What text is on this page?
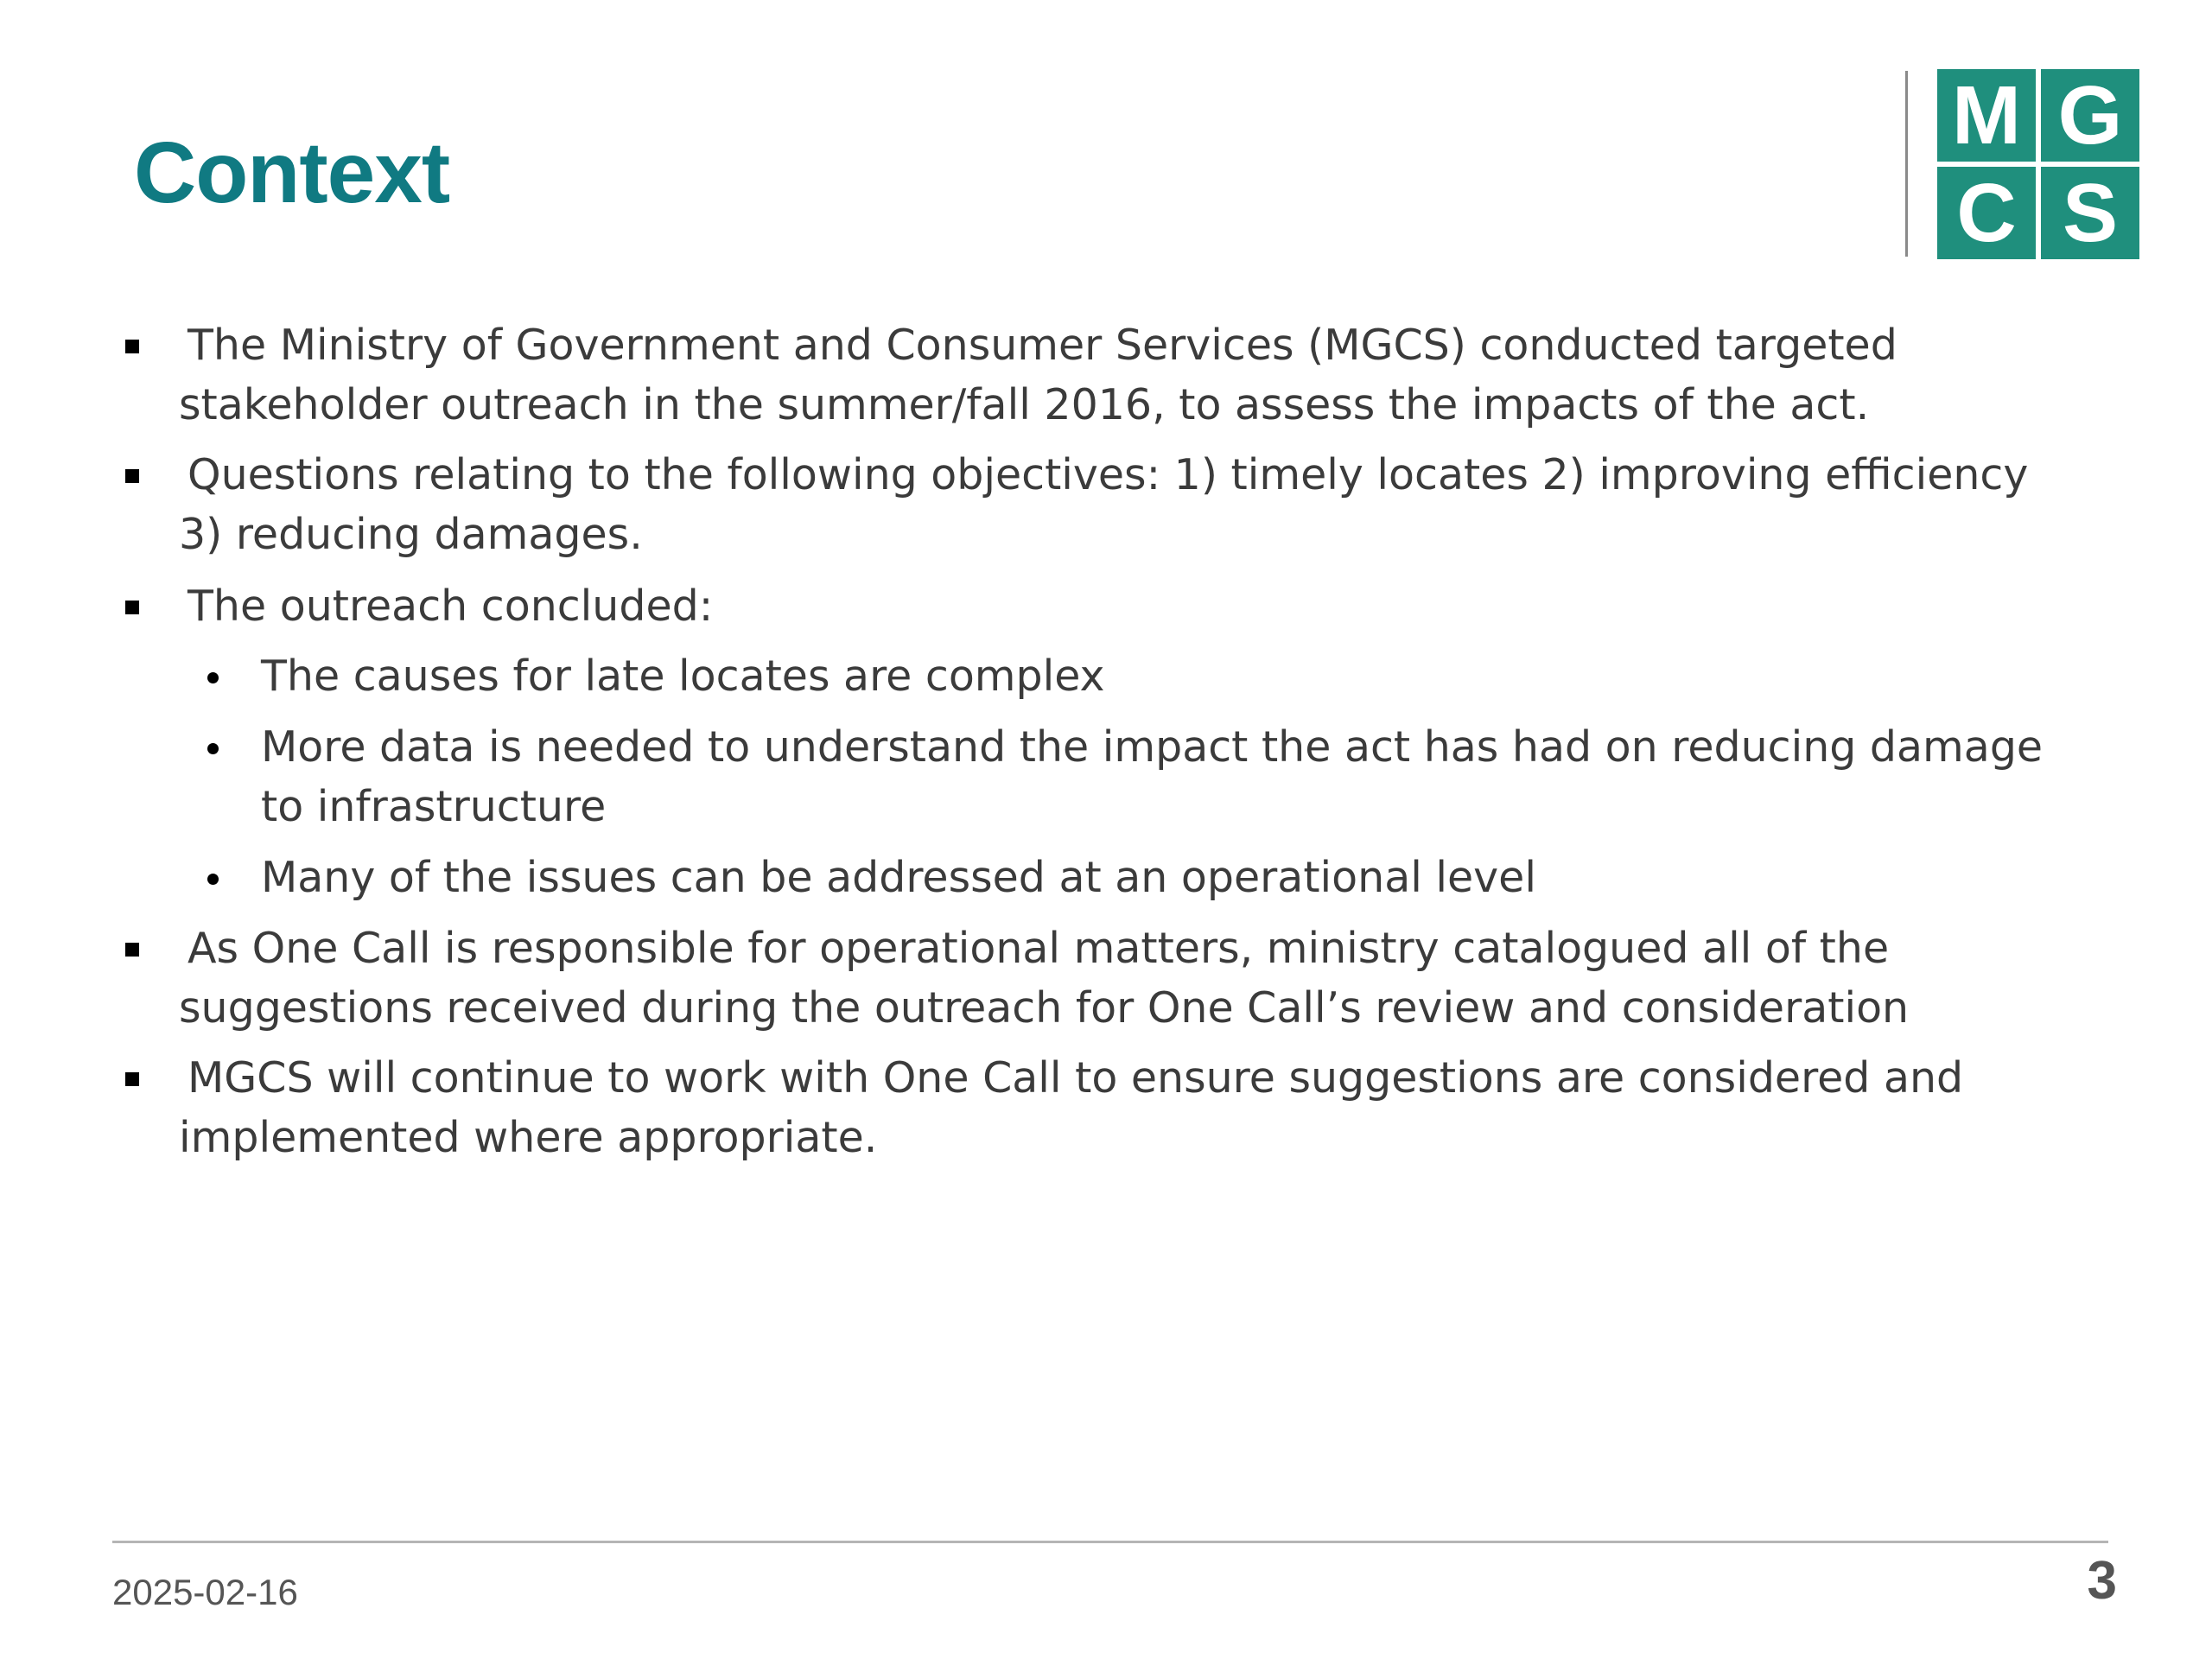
Context
M G
C S
The Ministry of Government and Consumer Services (MGCS) conducted targeted stakeholder outreach in the summer/fall 2016, to assess the impacts of the act.
Questions relating to the following objectives: 1) timely locates 2) improving efficiency 3) reducing damages.
The outreach concluded:
The causes for late locates are complex
More data is needed to understand the impact the act has had on reducing damage to infrastructure
Many of the issues can be addressed at an operational level
As One Call is responsible for operational matters, ministry catalogued all of the suggestions received during the outreach for One Call’s review and consideration
MGCS will continue to work with One Call to ensure suggestions are considered and implemented where appropriate.
2025-02-16	3
